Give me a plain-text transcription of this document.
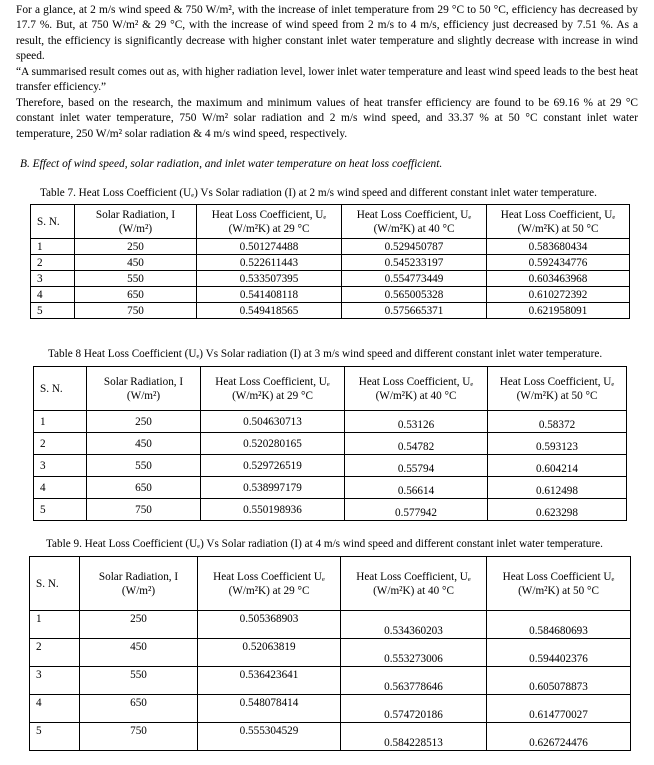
For a glance, at 2 m/s wind speed & 750 W/m², with the increase of inlet temperature from 29 °C to 50 °C, efficiency has decreased by 17.7 %. But, at 750 W/m² & 29 °C, with the increase of wind speed from 2 m/s to 4 m/s, efficiency just decreased by 7.51 %. As a result, the efficiency is significantly decrease with higher constant inlet water temperature and slightly decrease with increase in wind speed.

“A summarised result comes out as, with higher radiation level, lower inlet water temperature and least wind speed leads to the best heat transfer efficiency.”

Therefore, based on the research, the maximum and minimum values of heat transfer efficiency are found to be 69.16 % at 29 °C constant inlet water temperature, 750 W/m² solar radiation and 2 m/s wind speed, and 33.37 % at 50 °C constant inlet water temperature, 250 W/m² solar radiation & 4 m/s wind speed, respectively.

B. Effect of wind speed, solar radiation, and inlet water temperature on heat loss coefficient.

Table 7. Heat Loss Coefficient (Uₑ) Vs Solar radiation (I) at 2 m/s wind speed and different constant inlet water temperature.

S. N.	Solar Radiation, I
(W/m²)	Heat Loss Coefficient, Uₑ
(W/m²K) at 29 °C	Heat Loss Coefficient, Uₑ
(W/m²K) at 40 °C	Heat Loss Coefficient, Uₑ
(W/m²K) at 50 °C
1	250	0.501274488	0.529450787	0.583680434
2	450	0.522611443	0.545233197	0.592434776
3	550	0.533507395	0.554773449	0.603463968
4	650	0.541408118	0.565005328	0.610272392
5	750	0.549418565	0.575665371	0.621958091

Table 8 Heat Loss Coefficient (Uₑ) Vs Solar radiation (I) at 3 m/s wind speed and different constant inlet water temperature.

S. N.	Solar Radiation, I
(W/m²)	Heat Loss Coefficient, Uₑ
(W/m²K) at 29 °C	Heat Loss Coefficient, Uₑ
(W/m²K) at 40 °C	Heat Loss Coefficient, Uₑ
(W/m²K) at 50 °C
1	250	0.504630713	0.53126	0.58372
2	450	0.520280165	0.54782	0.593123
3	550	0.529726519	0.55794	0.604214
4	650	0.538997179	0.56614	0.612498
5	750	0.550198936	0.577942	0.623298

Table 9. Heat Loss Coefficient (Uₑ) Vs Solar radiation (I) at 4 m/s wind speed and different constant inlet water temperature.

S. N.	Solar Radiation, I
(W/m²)	Heat Loss Coefficient Uₑ
(W/m²K) at 29 °C	Heat Loss Coefficient, Uₑ
(W/m²K) at 40 °C	Heat Loss Coefficient Uₑ
(W/m²K) at 50 °C
1	250	0.505368903	0.534360203	0.584680693
2	450	0.52063819	0.553273006	0.594402376
3	550	0.536423641	0.563778646	0.605078873
4	650	0.548078414	0.574720186	0.614770027
5	750	0.555304529	0.584228513	0.626724476
